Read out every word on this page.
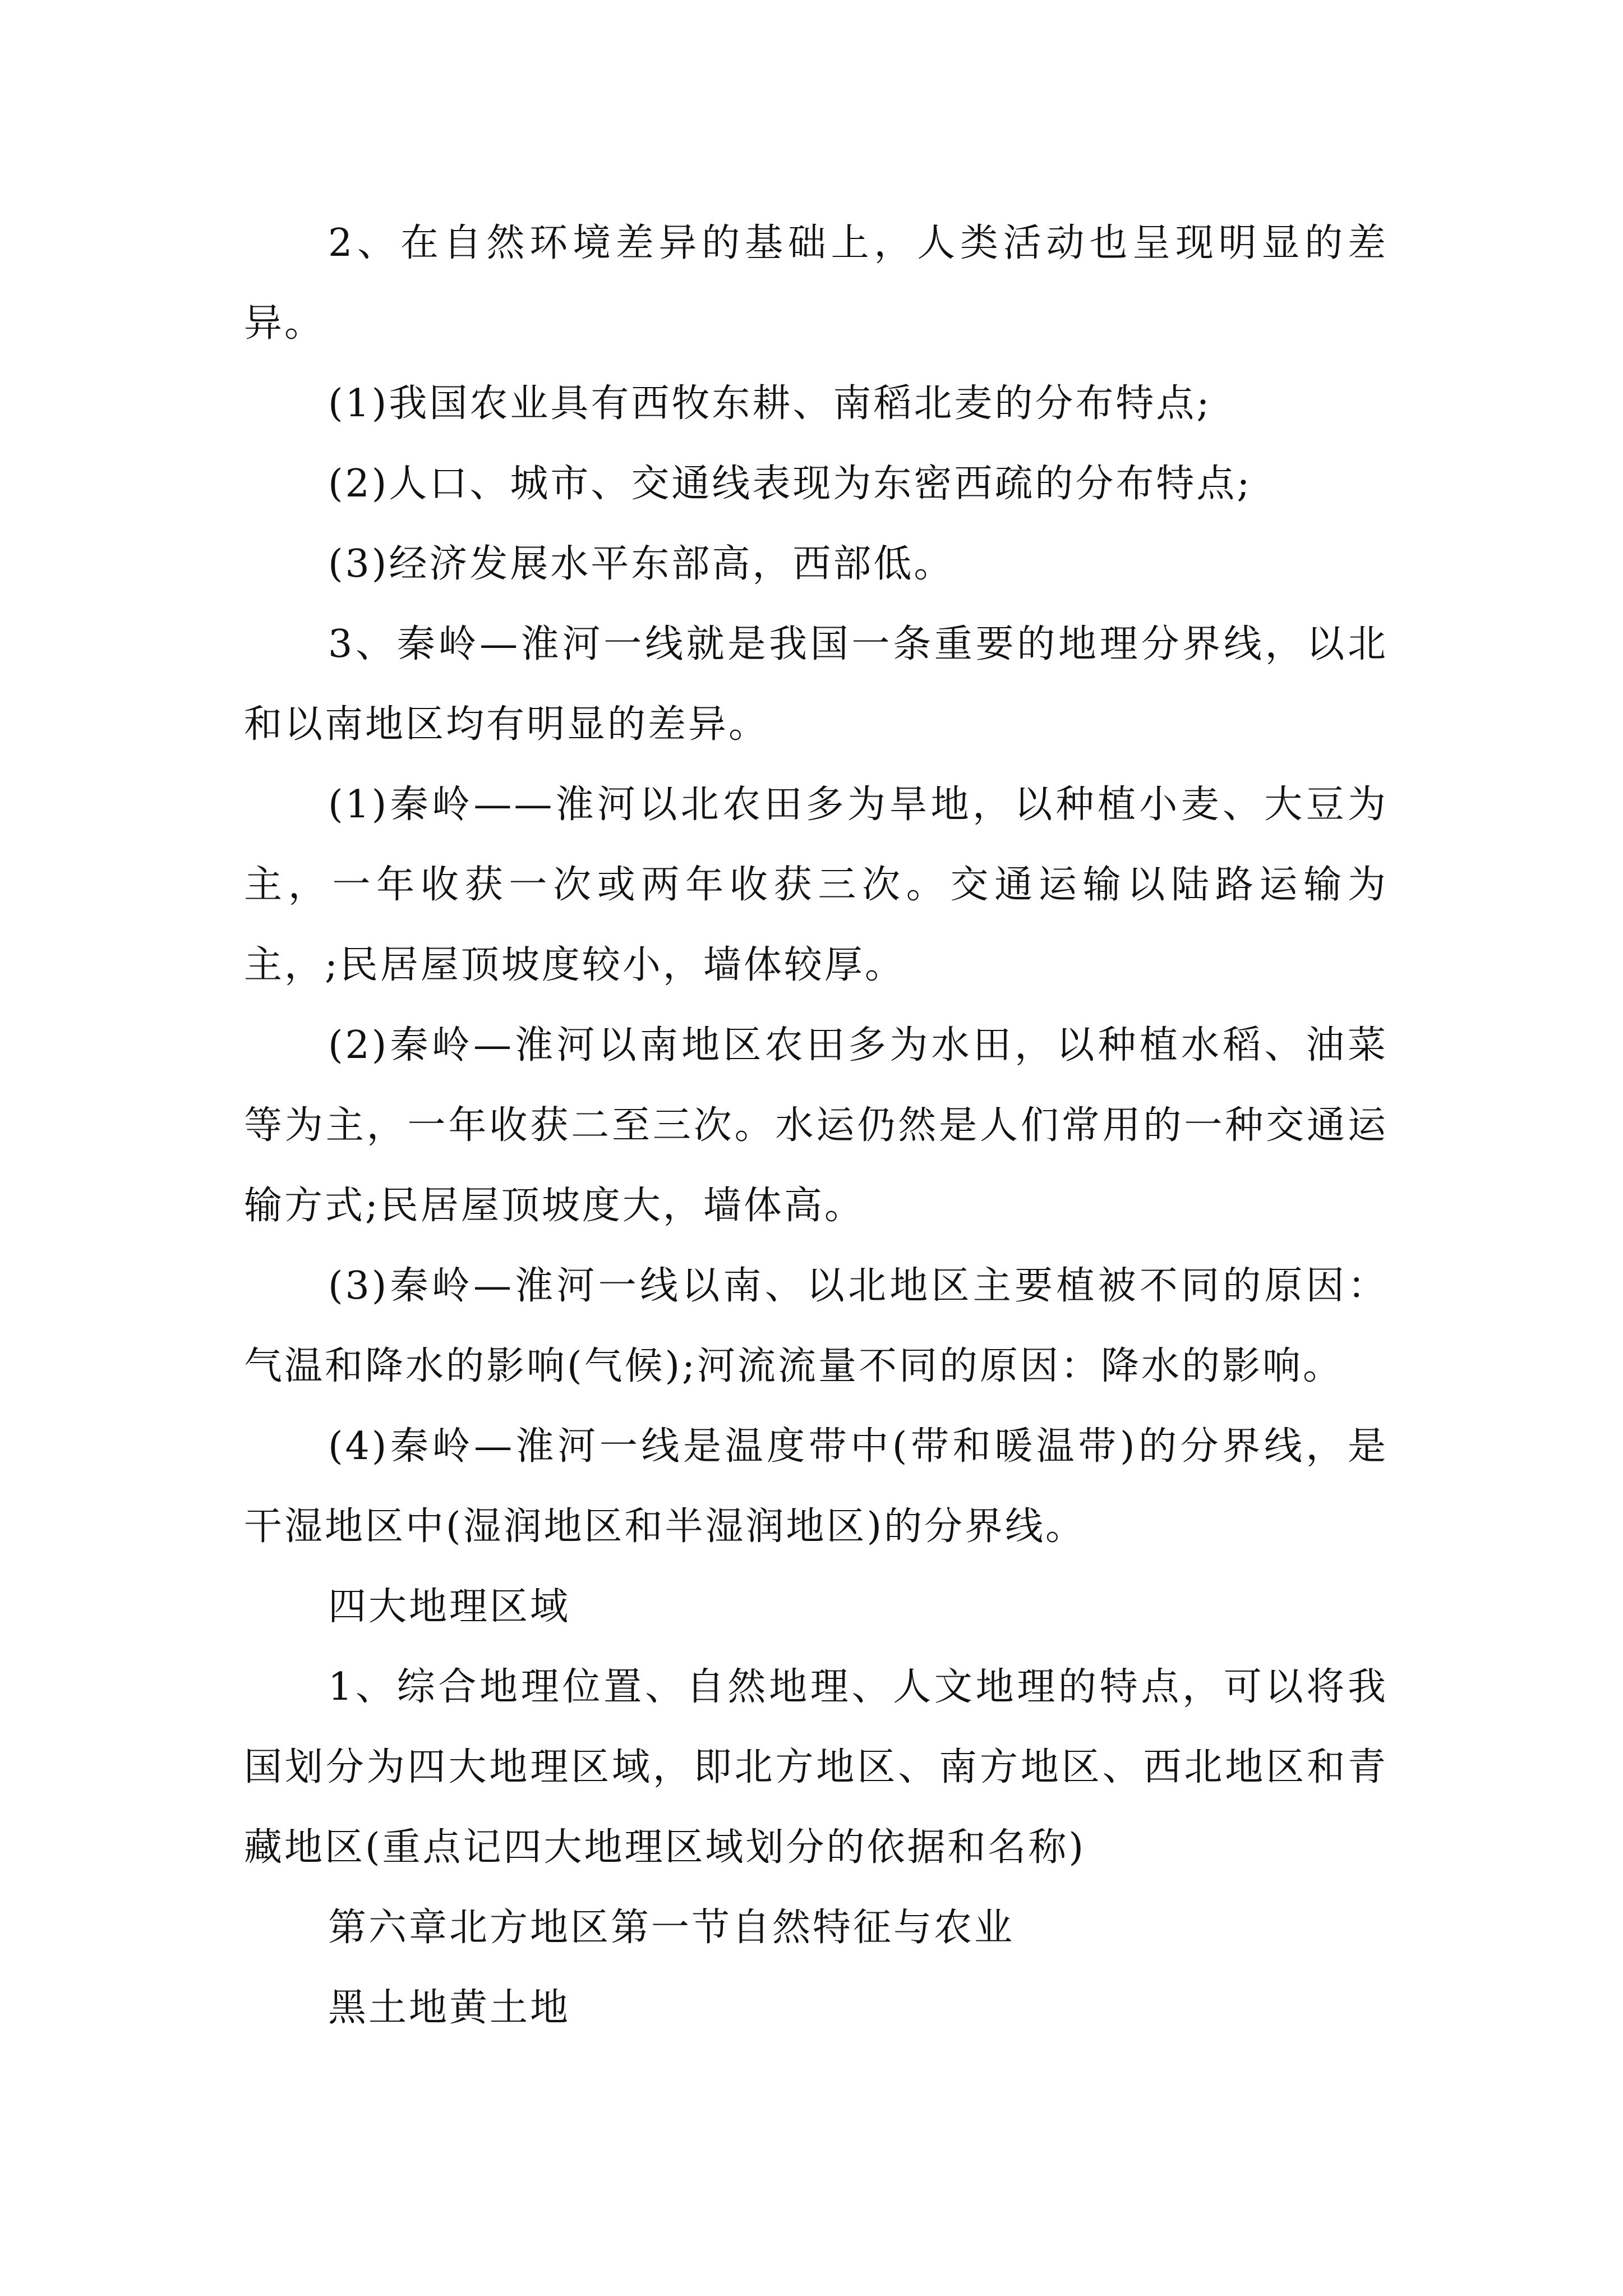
2、在自然环境差异的基础上，人类活动也呈现明显的差异。

(1)我国农业具有西牧东耕、南稻北麦的分布特点;

(2)人口、城市、交通线表现为东密西疏的分布特点;

(3)经济发展水平东部高，西部低。

3、秦岭—淮河一线就是我国一条重要的地理分界线，以北和以南地区均有明显的差异。

(1)秦岭——淮河以北农田多为旱地，以种植小麦、大豆为主，一年收获一次或两年收获三次。交通运输以陆路运输为主，;民居屋顶坡度较小，墙体较厚。

(2)秦岭—淮河以南地区农田多为水田，以种植水稻、油菜等为主，一年收获二至三次。水运仍然是人们常用的一种交通运输方式;民居屋顶坡度大，墙体高。

(3)秦岭—淮河一线以南、以北地区主要植被不同的原因：气温和降水的影响(气候);河流流量不同的原因：降水的影响。

(4)秦岭—淮河一线是温度带中(带和暖温带)的分界线，是干湿地区中(湿润地区和半湿润地区)的分界线。

四大地理区域

1、综合地理位置、自然地理、人文地理的特点，可以将我国划分为四大地理区域，即北方地区、南方地区、西北地区和青藏地区(重点记四大地理区域划分的依据和名称)

第六章北方地区第一节自然特征与农业

黑土地黄土地
